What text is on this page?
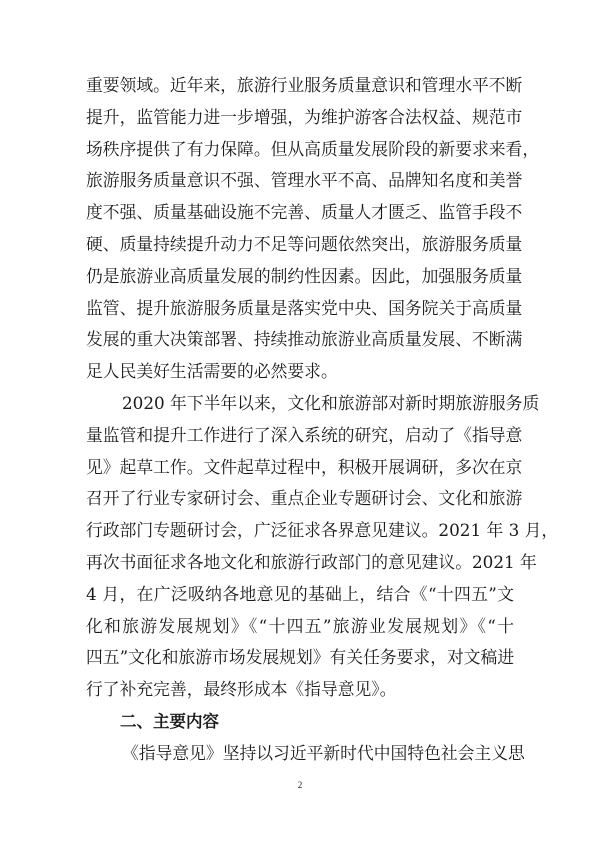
重要领域。近年来，旅游行业服务质量意识和管理水平不断
提升，监管能力进一步增强，为维护游客合法权益、规范市
场秩序提供了有力保障。但从高质量发展阶段的新要求来看，
旅游服务质量意识不强、管理水平不高、品牌知名度和美誉
度不强、质量基础设施不完善、质量人才匮乏、监管手段不
硬、质量持续提升动力不足等问题依然突出，旅游服务质量
仍是旅游业高质量发展的制约性因素。因此，加强服务质量
监管、提升旅游服务质量是落实党中央、国务院关于高质量
发展的重大决策部署、持续推动旅游业高质量发展、不断满
足人民美好生活需要的必然要求。
2020 年下半年以来，文化和旅游部对新时期旅游服务质
量监管和提升工作进行了深入系统的研究，启动了《指导意
见》起草工作。文件起草过程中，积极开展调研，多次在京
召开了行业专家研讨会、重点企业专题研讨会、文化和旅游
行政部门专题研讨会，广泛征求各界意见建议。2021 年 3 月，
再次书面征求各地文化和旅游行政部门的意见建议。2021 年
4 月，在广泛吸纳各地意见的基础上，结合《“十四五”文
化和旅游发展规划》《“十四五”旅游业发展规划》《“十
四五”文化和旅游市场发展规划》有关任务要求，对文稿进
行了补充完善，最终形成本《指导意见》。
二、主要内容
《指导意见》坚持以习近平新时代中国特色社会主义思
2
